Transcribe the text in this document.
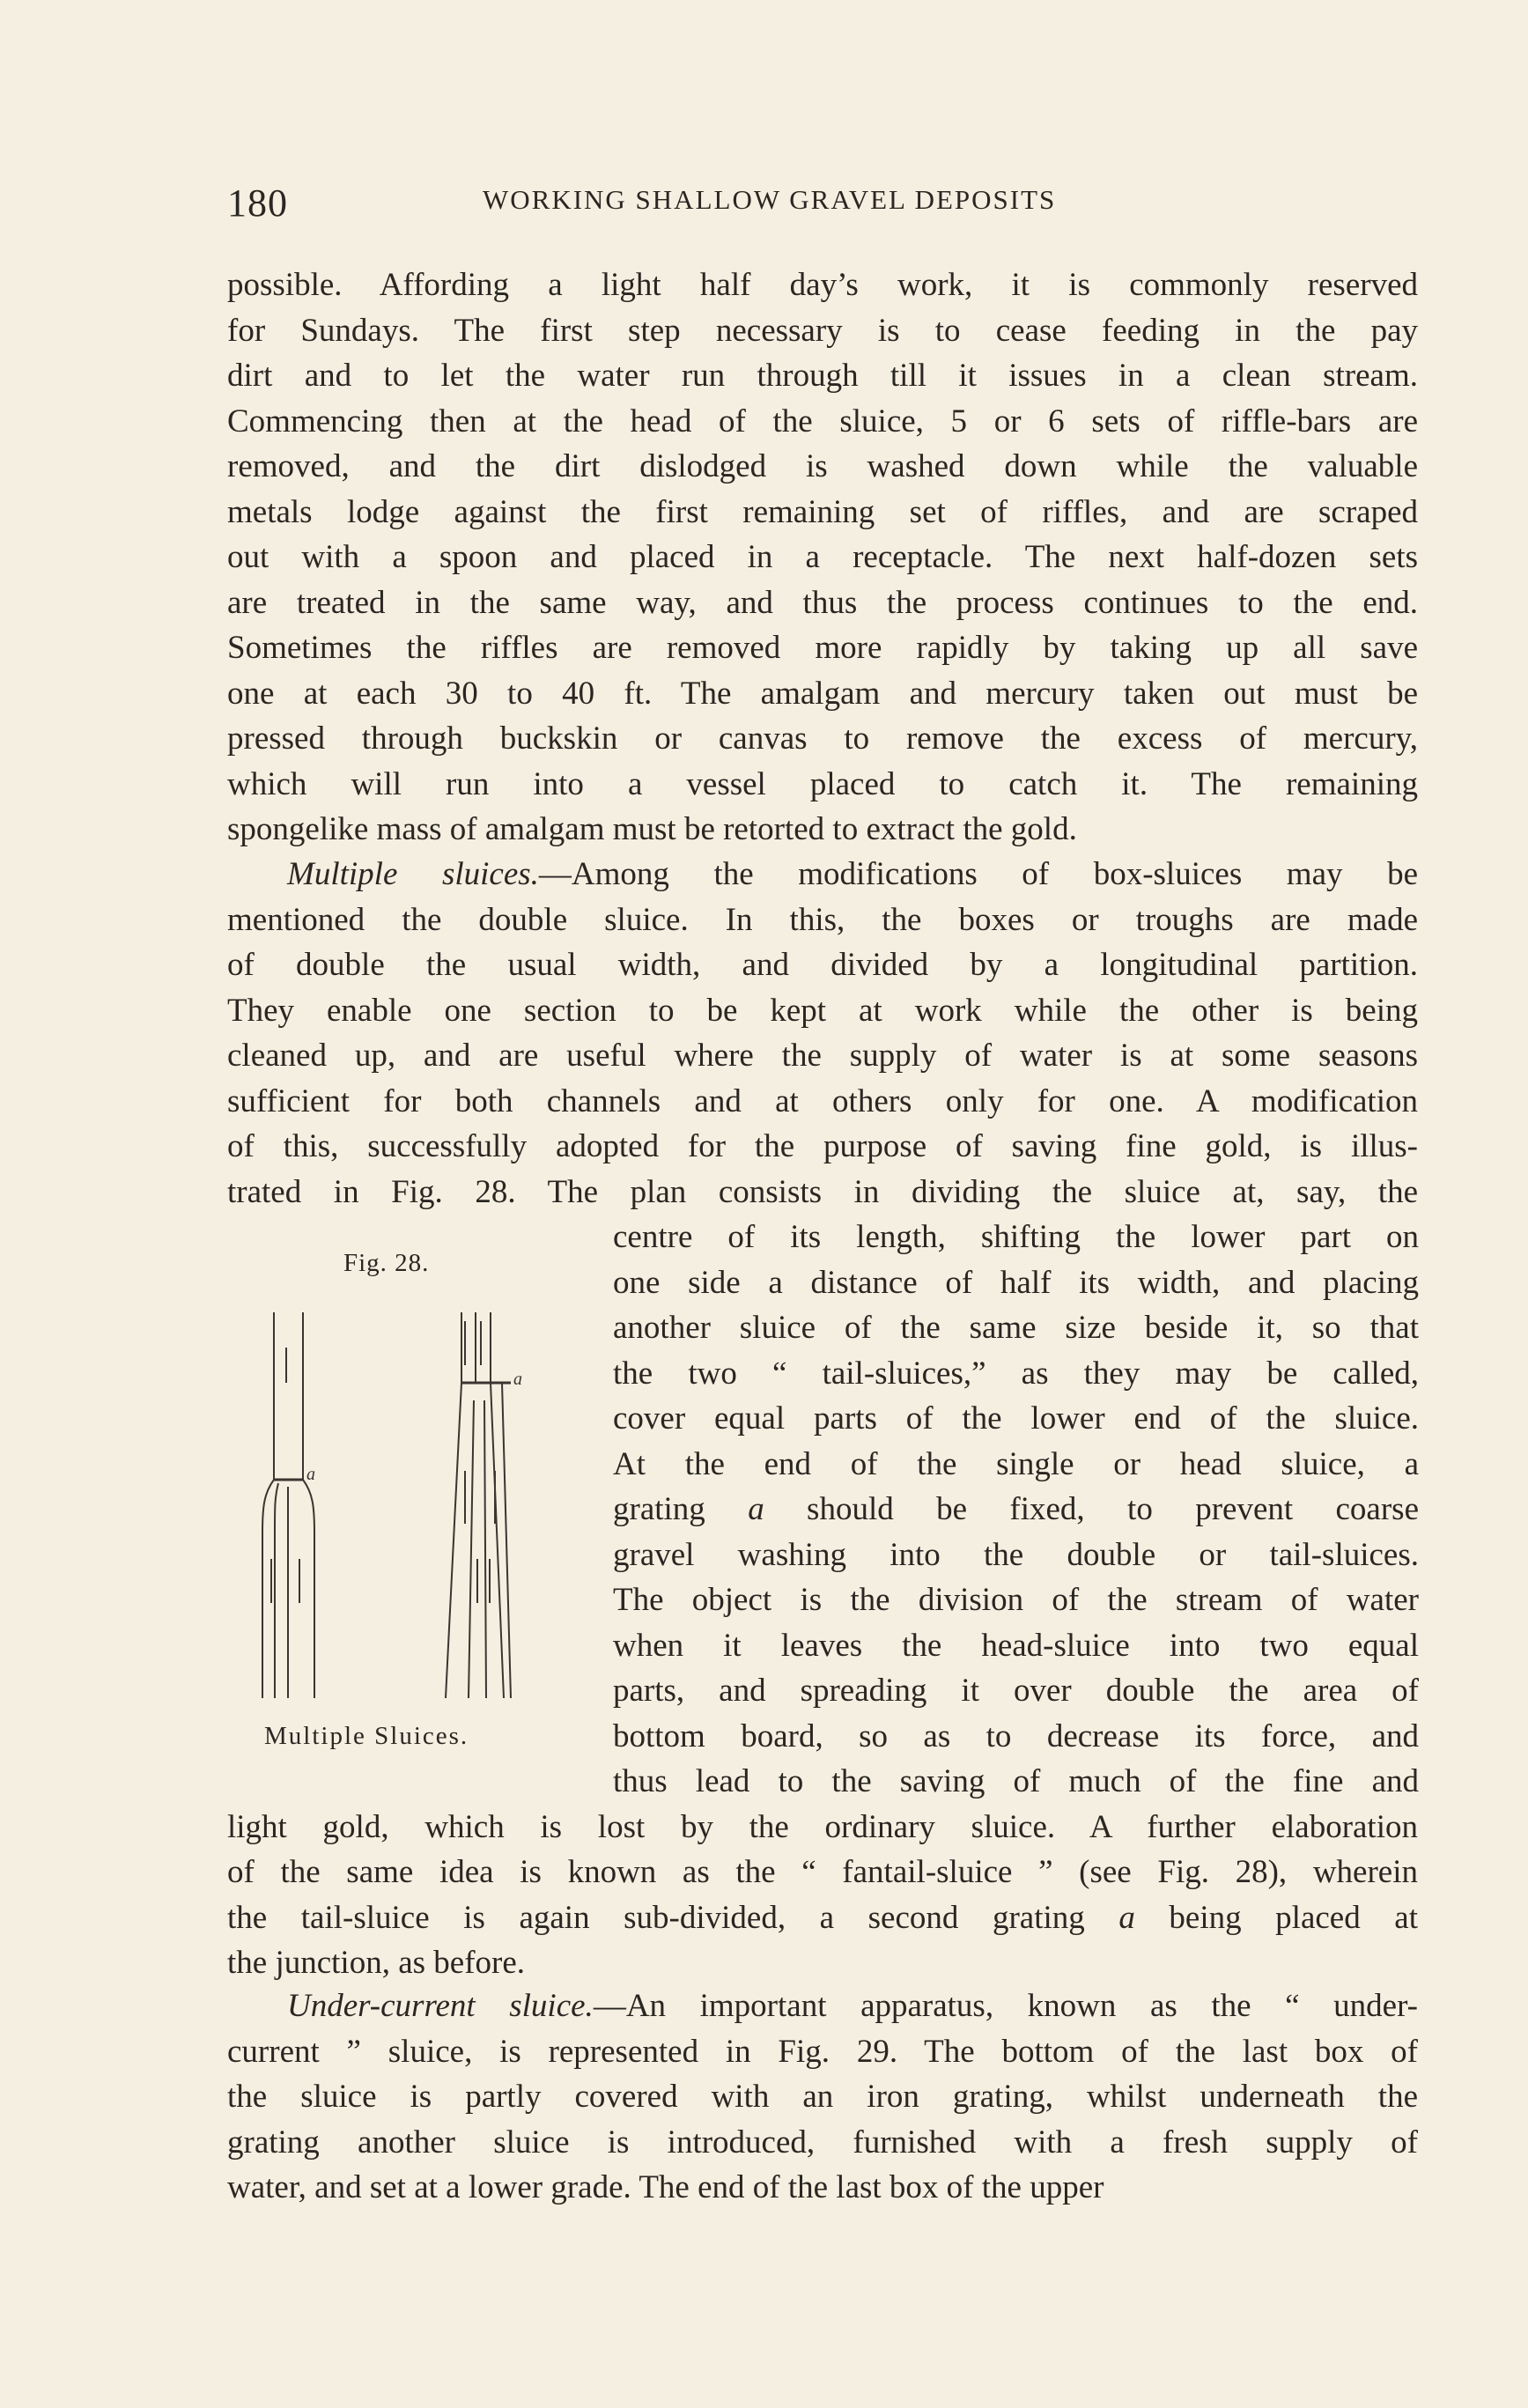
180	WORKING SHALLOW GRAVEL DEPOSITS
possible. Affording a light half day’s work, it is commonly reserved
for Sundays. The first step necessary is to cease feeding in the pay
dirt and to let the water run through till it issues in a clean stream.
Commencing then at the head of the sluice, 5 or 6 sets of riffle-bars are
removed, and the dirt dislodged is washed down while the valuable
metals lodge against the first remaining set of riffles, and are scraped
out with a spoon and placed in a receptacle. The next half-dozen sets
are treated in the same way, and thus the process continues to the end.
Sometimes the riffles are removed more rapidly by taking up all save
one at each 30 to 40 ft. The amalgam and mercury taken out must be
pressed through buckskin or canvas to remove the excess of mercury,
which will run into a vessel placed to catch it. The remaining
spongelike mass of amalgam must be retorted to extract the gold.
Multiple sluices.—Among the modifications of box-sluices may be
mentioned the double sluice. In this, the boxes or troughs are made
of double the usual width, and divided by a longitudinal partition.
They enable one section to be kept at work while the other is being
cleaned up, and are useful where the supply of water is at some seasons
sufficient for both channels and at others only for one. A modification
of this, successfully adopted for the purpose of saving fine gold, is illus-
trated in Fig. 28. The plan consists in dividing the sluice at, say, the
centre of its length, shifting the lower part on
one side a distance of half its width, and placing
another sluice of the same size beside it, so that
the two “ tail-sluices,” as they may be called,
cover equal parts of the lower end of the sluice.
At the end of the single or head sluice, a
grating a should be fixed, to prevent coarse
gravel washing into the double or tail-sluices.
The object is the division of the stream of water
when it leaves the head-sluice into two equal
parts, and spreading it over double the area of
bottom board, so as to decrease its force, and
thus lead to the saving of much of the fine and
light gold, which is lost by the ordinary sluice. A further elaboration
of the same idea is known as the “ fantail-sluice ” (see Fig. 28), wherein
the tail-sluice is again sub-divided, a second grating a being placed at
the junction, as before.
Under-current sluice.—An important apparatus, known as the “ under-
current ” sluice, is represented in Fig. 29. The bottom of the last box of
the sluice is partly covered with an iron grating, whilst underneath the
grating another sluice is introduced, furnished with a fresh supply of
water, and set at a lower grade. The end of the last box of the upper
Fig. 28.
a
a
Multiple Sluices.
